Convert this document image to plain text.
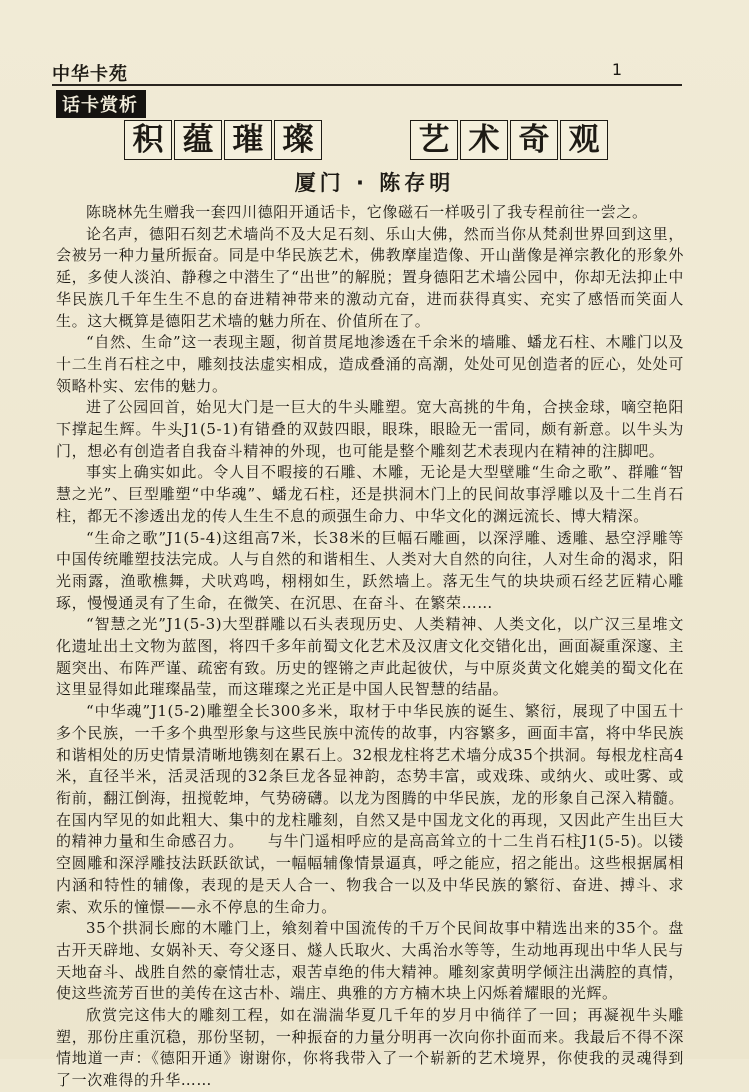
中华卡苑	1
话卡赏析
积 蕴 璀 璨	艺 术 奇 观
厦门 · 陈存明

陈晓林先生赠我一套四川德阳开通话卡，它像磁石一样吸引了我专程前往一尝之。

论名声，德阳石刻艺术墙尚不及大足石刻、乐山大佛，然而当你从梵刹世界回到这里，会被另一种力量所振奋。同是中华民族艺术，佛教摩崖造像、开山凿像是禅宗教化的形象外延，多使人淡泊、静穆之中潜生了“出世”的解脱；置身德阳艺术墙公园中，你却无法抑止中华民族几千年生生不息的奋进精神带来的激动亢奋，进而获得真实、充实了感悟而笑面人生。这大概算是德阳艺术墙的魅力所在、价值所在了。

“自然、生命”这一表现主题，彻首贯尾地渗透在千余米的墙雕、蟠龙石柱、木雕门以及十二生肖石柱之中，雕刻技法虚实相成，造成叠涌的高潮，处处可见创造者的匠心，处处可领略朴实、宏伟的魅力。

进了公园回首，始见大门是一巨大的牛头雕塑。宽大高挑的牛角，合挟金球，嘀空艳阳下撑起生辉。牛头J1(5-1)有错叠的双鼓四眼，眼珠，眼睑无一雷同，颇有新意。以牛头为门，想必有创造者自我奋斗精神的外现，也可能是整个雕刻艺术表现内在精神的注脚吧。

事实上确实如此。令人目不暇接的石雕、木雕，无论是大型壁雕“生命之歌”、群雕“智慧之光”、巨型雕塑“中华魂”、蟠龙石柱，还是拱洞木门上的民间故事浮雕以及十二生肖石柱，都无不渗透出龙的传人生生不息的顽强生命力、中华文化的渊远流长、博大精深。

“生命之歌”J1(5-4)这组高7米，长38米的巨幅石雕画，以深浮雕、透雕、悬空浮雕等中国传统雕塑技法完成。人与自然的和谐相生、人类对大自然的向往，人对生命的渴求，阳光雨露，渔歌樵舞，犬吠鸡鸣，栩栩如生，跃然墙上。落无生气的块块顽石经艺匠精心雕琢，慢慢通灵有了生命，在微笑、在沉思、在奋斗、在繁荣……

“智慧之光”J1(5-3)大型群雕以石头表现历史、人类精神、人类文化，以广汉三星堆文化遗址出土文物为蓝图，将四千多年前蜀文化艺术及汉唐文化交错化出，画面凝重深邃、主题突出、布阵严谨、疏密有致。历史的铿锵之声此起彼伏，与中原炎黄文化媲美的蜀文化在这里显得如此璀璨晶莹，而这璀璨之光正是中国人民智慧的结晶。

“中华魂”J1(5-2)雕塑全长300多米，取材于中华民族的诞生、繁衍，展现了中国五十多个民族，一千多个典型形象与这些民族中流传的故事，内容繁多，画面丰富，将中华民族和谐相处的历史情景清晰地镌刻在累石上。32根龙柱将艺术墙分成35个拱洞。每根龙柱高4米，直径半米，活灵活现的32条巨龙各显神韵，态势丰富，或戏珠、或纳火、或吐雾、或衔前，翻江倒海，扭搅乾坤，气势磅礴。以龙为图腾的中华民族，龙的形象自己深入精髓。在国内罕见的如此粗大、集中的龙柱雕刻，自然又是中国龙文化的再现，又因此产生出巨大的精神力量和生命感召力。　　与牛门遥相呼应的是高高耸立的十二生肖石柱J1(5-5)。以镂空圆雕和深浮雕技法跃跃欲试，一幅幅辅像情景逼真，呼之能应，招之能出。这些根据属相内涵和特性的辅像，表现的是天人合一、物我合一以及中华民族的繁衍、奋进、搏斗、求索、欢乐的憧憬——永不停息的生命力。

35个拱洞长廊的木雕门上，飨刻着中国流传的千万个民间故事中精选出来的35个。盘古开天辟地、女娲补天、夸父逐日、燧人氏取火、大禹治水等等，生动地再现出中华人民与天地奋斗、战胜自然的豪情壮志，艰苦卓绝的伟大精神。雕刻家黄明学倾注出满腔的真情，使这些流芳百世的美传在这古朴、端庄、典雅的方方楠木块上闪烁着耀眼的光辉。

欣赏完这伟大的雕刻工程，如在湍湍华夏几千年的岁月中徜徉了一回；再凝视牛头雕塑，那份庄重沉稳，那份坚韧，一种振奋的力量分明再一次向你扑面而来。我最后不得不深情地道一声：《德阳开通》谢谢你，你将我带入了一个崭新的艺术境界，你使我的灵魂得到了一次难得的升华……
